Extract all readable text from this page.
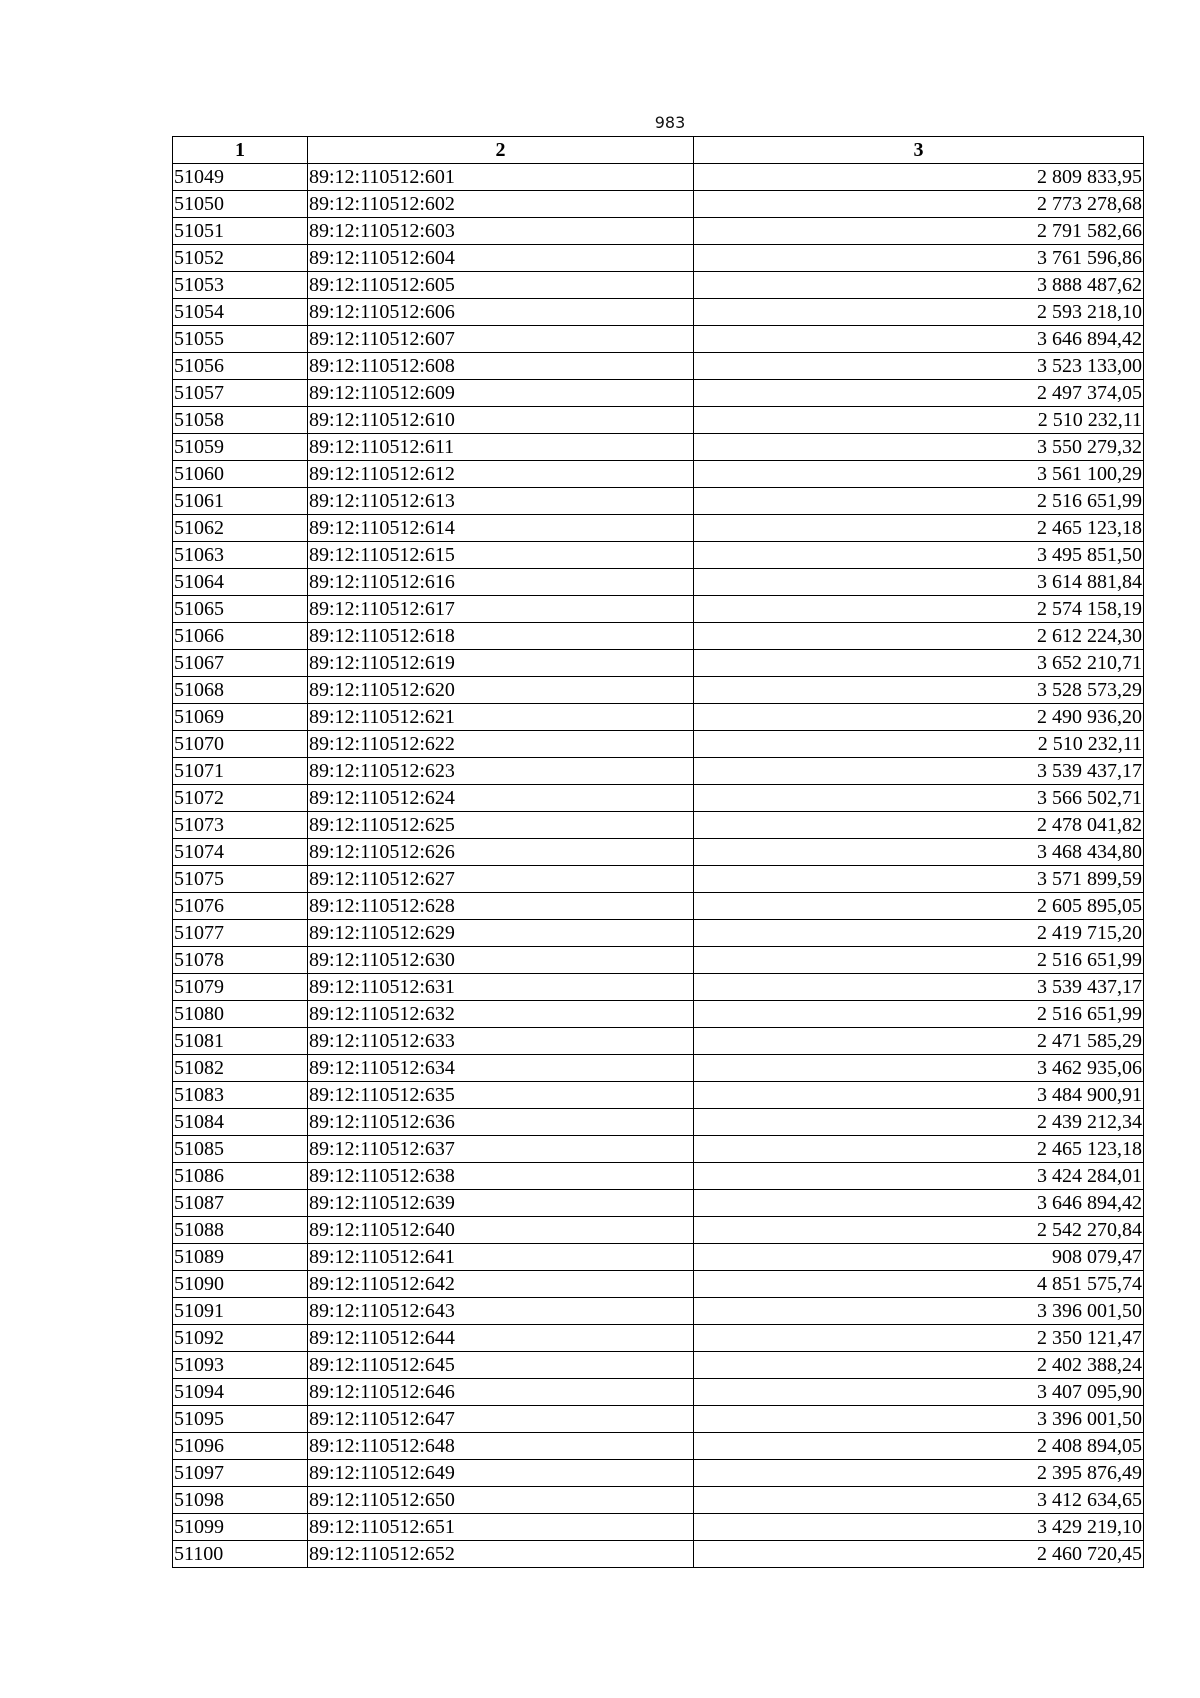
983
1	2	3
51049	89:12:110512:601	2 809 833,95
51050	89:12:110512:602	2 773 278,68
51051	89:12:110512:603	2 791 582,66
51052	89:12:110512:604	3 761 596,86
51053	89:12:110512:605	3 888 487,62
51054	89:12:110512:606	2 593 218,10
51055	89:12:110512:607	3 646 894,42
51056	89:12:110512:608	3 523 133,00
51057	89:12:110512:609	2 497 374,05
51058	89:12:110512:610	2 510 232,11
51059	89:12:110512:611	3 550 279,32
51060	89:12:110512:612	3 561 100,29
51061	89:12:110512:613	2 516 651,99
51062	89:12:110512:614	2 465 123,18
51063	89:12:110512:615	3 495 851,50
51064	89:12:110512:616	3 614 881,84
51065	89:12:110512:617	2 574 158,19
51066	89:12:110512:618	2 612 224,30
51067	89:12:110512:619	3 652 210,71
51068	89:12:110512:620	3 528 573,29
51069	89:12:110512:621	2 490 936,20
51070	89:12:110512:622	2 510 232,11
51071	89:12:110512:623	3 539 437,17
51072	89:12:110512:624	3 566 502,71
51073	89:12:110512:625	2 478 041,82
51074	89:12:110512:626	3 468 434,80
51075	89:12:110512:627	3 571 899,59
51076	89:12:110512:628	2 605 895,05
51077	89:12:110512:629	2 419 715,20
51078	89:12:110512:630	2 516 651,99
51079	89:12:110512:631	3 539 437,17
51080	89:12:110512:632	2 516 651,99
51081	89:12:110512:633	2 471 585,29
51082	89:12:110512:634	3 462 935,06
51083	89:12:110512:635	3 484 900,91
51084	89:12:110512:636	2 439 212,34
51085	89:12:110512:637	2 465 123,18
51086	89:12:110512:638	3 424 284,01
51087	89:12:110512:639	3 646 894,42
51088	89:12:110512:640	2 542 270,84
51089	89:12:110512:641	908 079,47
51090	89:12:110512:642	4 851 575,74
51091	89:12:110512:643	3 396 001,50
51092	89:12:110512:644	2 350 121,47
51093	89:12:110512:645	2 402 388,24
51094	89:12:110512:646	3 407 095,90
51095	89:12:110512:647	3 396 001,50
51096	89:12:110512:648	2 408 894,05
51097	89:12:110512:649	2 395 876,49
51098	89:12:110512:650	3 412 634,65
51099	89:12:110512:651	3 429 219,10
51100	89:12:110512:652	2 460 720,45
